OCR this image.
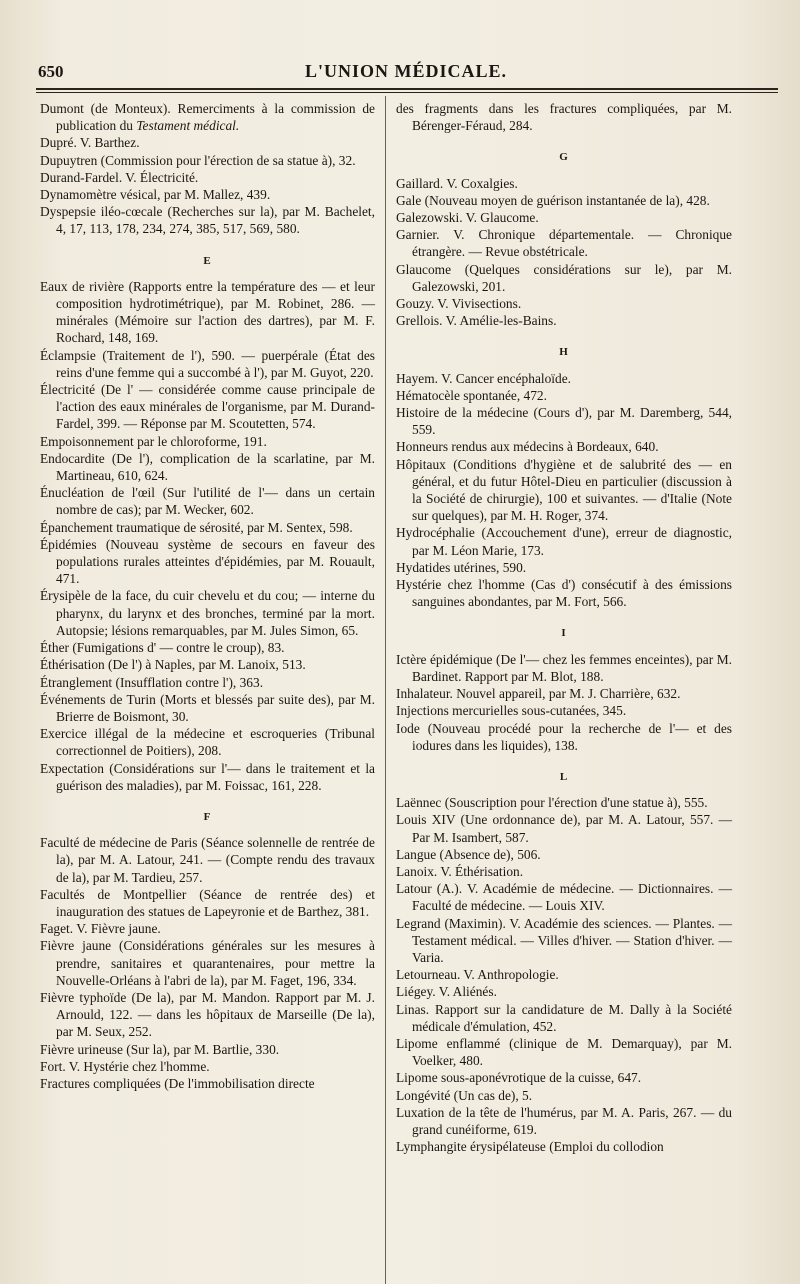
650	L'UNION MÉDICALE.

Dumont (de Monteux). Remerciments à la commission de publication du Testament médical.

Dupré. V. Barthez.

Dupuytren (Commission pour l'érection de sa statue à), 32.

Durand-Fardel. V. Électricité.

Dynamomètre vésical, par M. Mallez, 439.

Dyspepsie iléo-cœcale (Recherches sur la), par M. Bachelet, 4, 17, 113, 178, 234, 274, 385, 517, 569, 580.

E

Eaux de rivière (Rapports entre la température des — et leur composition hydrotimétrique), par M. Robinet, 286. — minérales (Mémoire sur l'action des dartres), par M. F. Rochard, 148, 169.

Éclampsie (Traitement de l'), 590. — puerpérale (État des reins d'une femme qui a succombé à l'), par M. Guyot, 220.

Électricité (De l' — considérée comme cause principale de l'action des eaux minérales de l'organisme, par M. Durand-Fardel, 399. — Réponse par M. Scoutetten, 574.

Empoisonnement par le chloroforme, 191.

Endocardite (De l'), complication de la scarlatine, par M. Martineau, 610, 624.

Énucléation de l'œil (Sur l'utilité de l'— dans un certain nombre de cas); par M. Wecker, 602.

Épanchement traumatique de sérosité, par M. Sentex, 598.

Épidémies (Nouveau système de secours en faveur des populations rurales atteintes d'épidémies, par M. Rouault, 471.

Érysipèle de la face, du cuir chevelu et du cou; — interne du pharynx, du larynx et des bronches, terminé par la mort. Autopsie; lésions remarquables, par M. Jules Simon, 65.

Éther (Fumigations d' — contre le croup), 83.

Éthérisation (De l') à Naples, par M. Lanoix, 513.

Étranglement (Insufflation contre l'), 363.

Événements de Turin (Morts et blessés par suite des), par M. Brierre de Boismont, 30.

Exercice illégal de la médecine et escroqueries (Tribunal correctionnel de Poitiers), 208.

Expectation (Considérations sur l'— dans le traitement et la guérison des maladies), par M. Foissac, 161, 228.

F

Faculté de médecine de Paris (Séance solennelle de rentrée de la), par M. A. Latour, 241. — (Compte rendu des travaux de la), par M. Tardieu, 257.

Facultés de Montpellier (Séance de rentrée des) et inauguration des statues de Lapeyronie et de Barthez, 381.

Faget. V. Fièvre jaune.

Fièvre jaune (Considérations générales sur les mesures à prendre, sanitaires et quarantenaires, pour mettre la Nouvelle-Orléans à l'abri de la), par M. Faget, 196, 334.

Fièvre typhoïde (De la), par M. Mandon. Rapport par M. J. Arnould, 122. — dans les hôpitaux de Marseille (De la), par M. Seux, 252.

Fièvre urineuse (Sur la), par M. Bartlie, 330.

Fort. V. Hystérie chez l'homme.

Fractures compliquées (De l'immobilisation directe

des fragments dans les fractures compliquées, par M. Bérenger-Féraud, 284.

G

Gaillard. V. Coxalgies.

Gale (Nouveau moyen de guérison instantanée de la), 428.

Galezowski. V. Glaucome.

Garnier. V. Chronique départementale. — Chronique étrangère. — Revue obstétricale.

Glaucome (Quelques considérations sur le), par M. Galezowski, 201.

Gouzy. V. Vivisections.

Grellois. V. Amélie-les-Bains.

H

Hayem. V. Cancer encéphaloïde.

Hématocèle spontanée, 472.

Histoire de la médecine (Cours d'), par M. Daremberg, 544, 559.

Honneurs rendus aux médecins à Bordeaux, 640.

Hôpitaux (Conditions d'hygiène et de salubrité des — en général, et du futur Hôtel-Dieu en particulier (discussion à la Société de chirurgie), 100 et suivantes. — d'Italie (Note sur quelques), par M. H. Roger, 374.

Hydrocéphalie (Accouchement d'une), erreur de diagnostic, par M. Léon Marie, 173.

Hydatides utérines, 590.

Hystérie chez l'homme (Cas d') consécutif à des émissions sanguines abondantes, par M. Fort, 566.

I

Ictère épidémique (De l'— chez les femmes enceintes), par M. Bardinet. Rapport par M. Blot, 188.

Inhalateur. Nouvel appareil, par M. J. Charrière, 632.

Injections mercurielles sous-cutanées, 345.

Iode (Nouveau procédé pour la recherche de l'— et des iodures dans les liquides), 138.

L

Laënnec (Souscription pour l'érection d'une statue à), 555.

Louis XIV (Une ordonnance de), par M. A. Latour, 557. — Par M. Isambert, 587.

Langue (Absence de), 506.

Lanoix. V. Éthérisation.

Latour (A.). V. Académie de médecine. — Dictionnaires. — Faculté de médecine. — Louis XIV.

Legrand (Maximin). V. Académie des sciences. — Plantes. — Testament médical. — Villes d'hiver. — Station d'hiver. — Varia.

Letourneau. V. Anthropologie.

Liégey. V. Aliénés.

Linas. Rapport sur la candidature de M. Dally à la Société médicale d'émulation, 452.

Lipome enflammé (clinique de M. Demarquay), par M. Voelker, 480.

Lipome sous-aponévrotique de la cuisse, 647.

Longévité (Un cas de), 5.

Luxation de la tête de l'humérus, par M. A. Paris, 267. — du grand cunéiforme, 619.

Lymphangite érysipélateuse (Emploi du collodion
